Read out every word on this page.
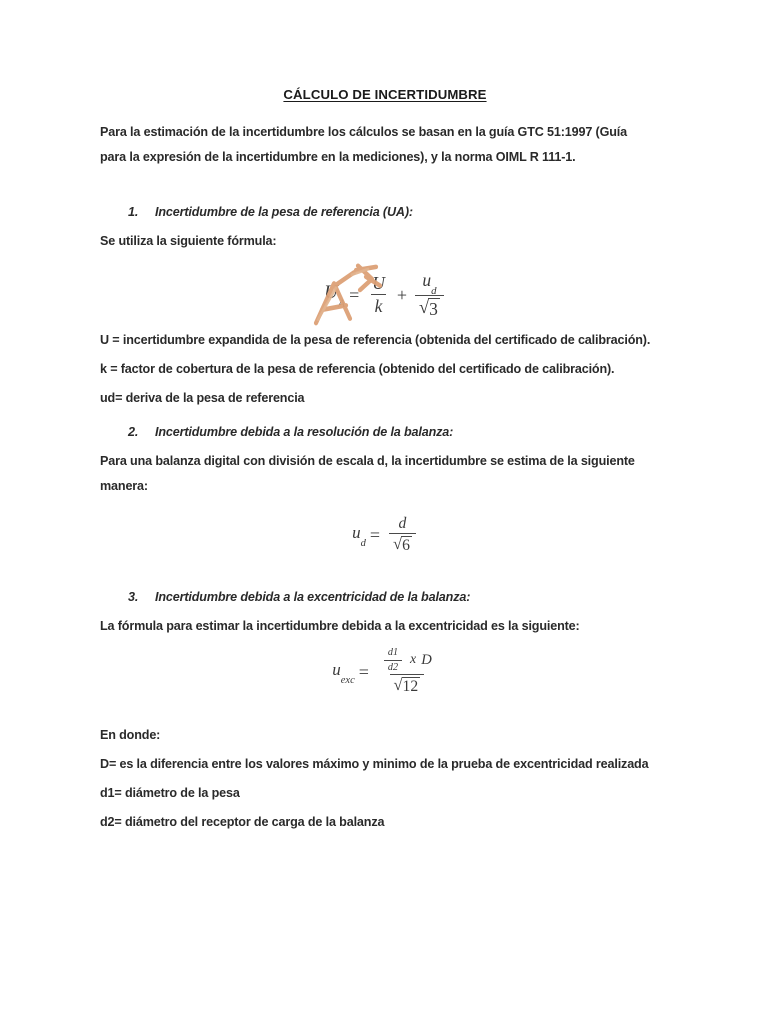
CÁLCULO DE INCERTIDUMBRE

Para la estimación de la incertidumbre los cálculos se basan en la guía GTC 51:1997 (Guía para la expresión de la incertidumbre en la mediciones), y la norma OIML R 111-1.

1.	Incertidumbre de la pesa de referencia (UA):

Se utiliza la siguiente fórmula:

$U_A = \frac{U}{k} + \frac{u_d}{√ 3}$

U = incertidumbre expandida de la pesa de referencia (obtenida del certificado de calibración).

k = factor de cobertura de la pesa de referencia (obtenido del certificado de calibración).

ud= deriva de la pesa de referencia

2.	Incertidumbre debida a la resolución de la balanza:

Para una balanza digital con división de escala d, la incertidumbre se estima de la siguiente manera:

$u_d = \frac{d}{√ 6}$
3.	Incertidumbre debida a la excentricidad de la balanza:

La fórmula para estimar la incertidumbre debida a la excentricidad es la siguiente:

$u_{exc} = \frac{\frac{d1}{d2} x D}{√ 12}$

En donde:

D= es la diferencia entre los valores máximo y minimo de la prueba de excentricidad realizada

d1= diámetro de la pesa

d2= diámetro del receptor de carga de la balanza
